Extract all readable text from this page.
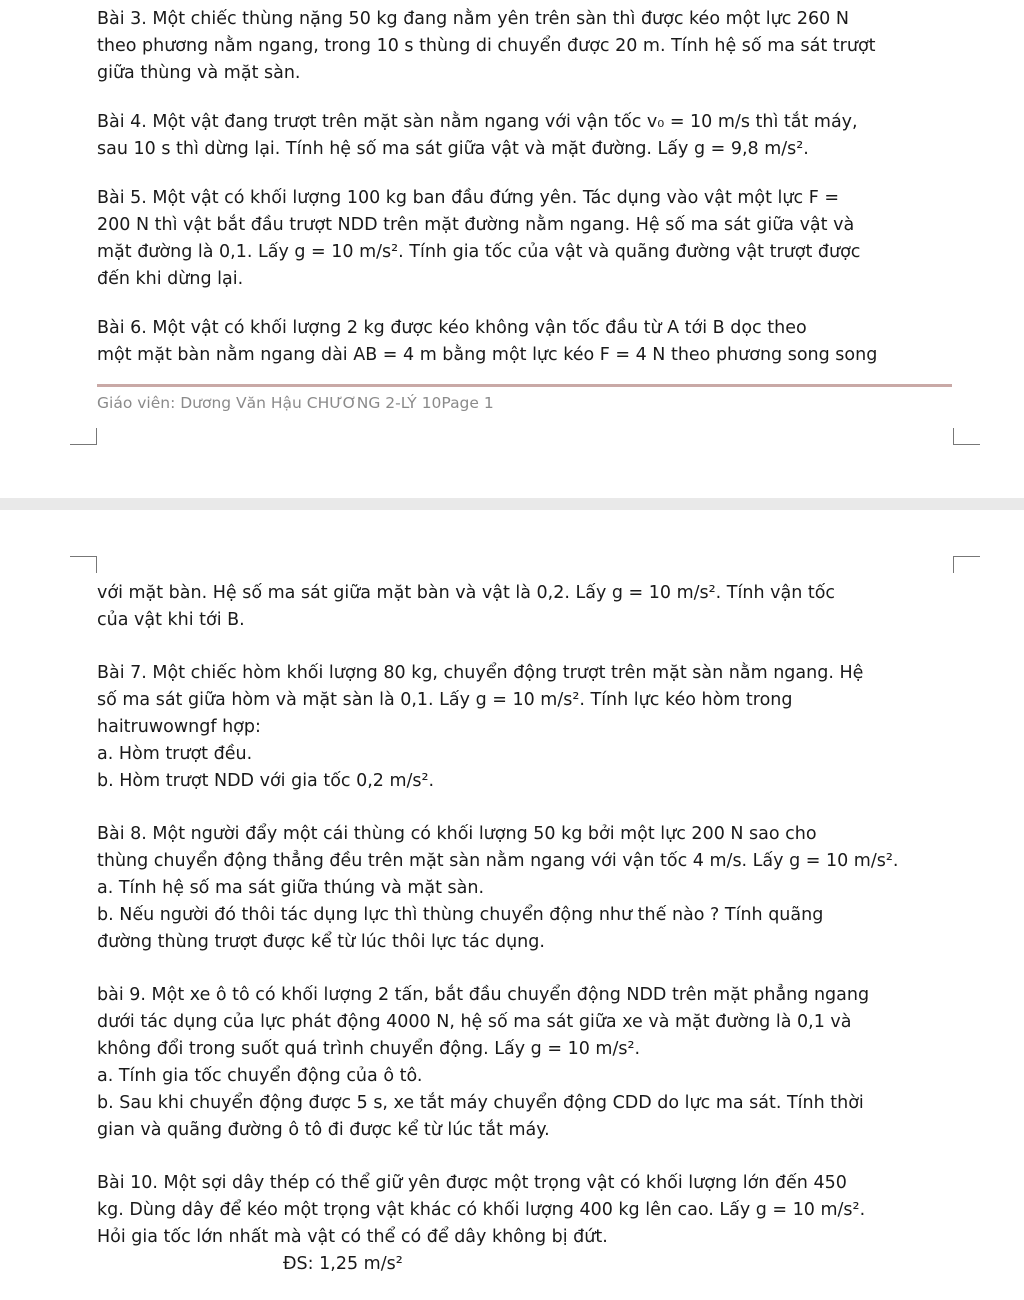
Bài 3. Một chiếc thùng nặng 50 kg đang nằm yên trên sàn thì được kéo một lực 260 N

theo phương nằm ngang, trong 10 s thùng di chuyển được 20 m. Tính hệ số ma sát trượt

giữa thùng và mặt sàn.

Bài 4. Một vật đang trượt trên mặt sàn nằm ngang với vận tốc v₀ = 10 m/s thì tắt máy,

sau 10 s thì dừng lại. Tính hệ số ma sát giữa vật và mặt đường. Lấy g = 9,8 m/s².

Bài 5. Một vật có khối lượng 100 kg ban đầu đứng yên. Tác dụng vào vật một lực F =

200 N thì vật bắt đầu trượt NDD trên mặt đường nằm ngang. Hệ số ma sát giữa vật và

mặt đường là 0,1. Lấy g = 10 m/s². Tính gia tốc của vật và quãng đường vật trượt được

đến khi dừng lại.

Bài 6. Một vật có khối lượng 2 kg được kéo không vận tốc đầu từ A tới B dọc theo

một mặt bàn nằm ngang dài AB = 4 m bằng một lực kéo F = 4 N theo phương song song

Giáo viên: Dương Văn Hậu CHƯƠNG 2-LÝ 10Page 1

với mặt bàn. Hệ số ma sát giữa mặt bàn và vật là 0,2. Lấy g = 10 m/s². Tính vận tốc

của vật khi tới B.

Bài 7. Một chiếc hòm khối lượng 80 kg, chuyển động trượt trên mặt sàn nằm ngang. Hệ

số ma sát giữa hòm và mặt sàn là 0,1. Lấy g = 10 m/s². Tính lực kéo hòm trong

haitruwowngf hợp:

a. Hòm trượt đều.

b. Hòm trượt NDD với gia tốc 0,2 m/s².

Bài 8. Một người đẩy một cái thùng có khối lượng 50 kg bởi một lực 200 N sao cho

thùng chuyển động thẳng đều trên mặt sàn nằm ngang với vận tốc 4 m/s. Lấy g = 10 m/s².

a. Tính hệ số ma sát giữa thúng và mặt sàn.

b. Nếu người đó thôi tác dụng lực thì thùng chuyển động như thế nào ? Tính quãng

đường thùng trượt được kể từ lúc thôi lực tác dụng.

bài 9. Một xe ô tô có khối lượng 2 tấn, bắt đầu chuyển động NDD trên mặt phẳng ngang

dưới tác dụng của lực phát động 4000 N, hệ số ma sát giữa xe và mặt đường là 0,1 và

không đổi trong suốt quá trình chuyển động. Lấy g = 10 m/s².

a. Tính gia tốc chuyển động của ô tô.

b. Sau khi chuyển động được 5 s, xe tắt máy chuyển động CDD do lực ma sát. Tính thời

gian và quãng đường ô tô đi được kể từ lúc tắt máy.

Bài 10. Một sợi dây thép có thể giữ yên được một trọng vật có khối lượng lớn đến 450

kg. Dùng dây để kéo một trọng vật khác có khối lượng 400 kg lên cao. Lấy g = 10 m/s².

Hỏi gia tốc lớn nhất mà vật có thể có để dây không bị đứt.

ĐS: 1,25 m/s²
